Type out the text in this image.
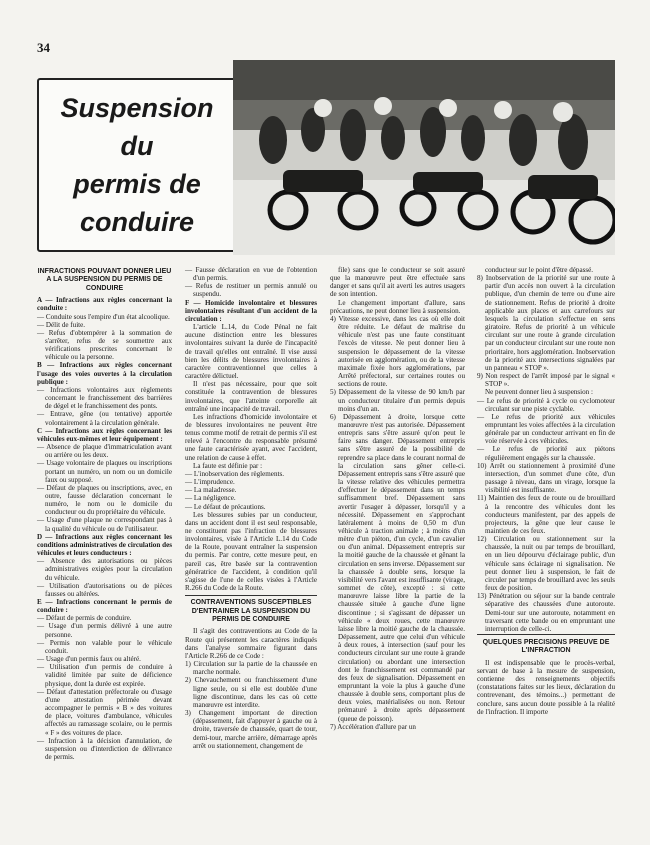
34
Suspension
du
permis de
conduire
INFRACTIONS POUVANT DONNER LIEU A LA SUSPENSION DU PERMIS DE CONDUIRE

A — Infractions aux règles concernant la conduite :

— Conduite sous l'empire d'un état alcoolique.

— Délit de fuite.

— Refus d'obtempérer à la sommation de s'arrêter, refus de se soumettre aux vérifications prescrites concernant le véhicule ou la personne.

B — Infractions aux règles concernant l'usage des voies ouvertes à la circulation publique :

— Infractions volontaires aux règlements concernant le franchissement des barrières de dégel et le franchissement des ponts.

— Entrave, gêne (ou tentative) apportée volontairement à la circulation générale.

C — Infractions aux règles concernant les véhicules eux-mêmes et leur équipement :

— Absence de plaque d'immatriculation avant ou arrière ou les deux.

— Usage volontaire de plaques ou inscriptions portant un numéro, un nom ou un domicile faux ou supposé.

— Défaut de plaques ou inscriptions, avec, en outre, fausse déclaration concernant le numéro, le nom ou le domicile du conducteur ou du propriétaire du véhicule.

— Usage d'une plaque ne correspondant pas à la qualité du véhicule ou de l'utilisateur.

D — Infractions aux règles concernant les conditions administratives de circulation des véhicules et leurs conducteurs :

— Absence des autorisations ou pièces administratives exigées pour la circulation du véhicule.

— Utilisation d'autorisations ou de pièces fausses ou altérées.

E — Infractions concernant le permis de conduire :

— Défaut de permis de conduire.

— Usage d'un permis délivré à une autre personne.

— Permis non valable pour le véhicule conduit.

— Usage d'un permis faux ou altéré.

— Utilisation d'un permis de conduire à validité limitée par suite de déficience physique, dont la durée est expirée.

— Défaut d'attestation préfectorale ou d'usage d'une attestation périmée devant accompagner le permis « B » des voitures de place, voitures d'ambulance, véhicules affectés au ramassage scolaire, ou le permis « F » des voitures de place.

— Infraction à la décision d'annulation, de suspension ou d'interdiction de délivrance de permis.

— Fausse déclaration en vue de l'obtention d'un permis.

— Refus de restituer un permis annulé ou suspendu.

F — Homicide involontaire et blessures involontaires résultant d'un accident de la circulation :

L'article L.14, du Code Pénal ne fait aucune distinction entre les blessures involontaires suivant la durée de l'incapacité de travail qu'elles ont entraîné. Il vise aussi bien les délits de blessures involontaires à caractère contraventionnel que celles à caractère délictuel.

Il n'est pas nécessaire, pour que soit constituée la contravention de blessures involontaires, que l'atteinte corporelle ait entraîné une incapacité de travail.

Les infractions d'homicide involontaire et de blessures involontaires ne peuvent être tenus comme motif de retrait de permis s'il est relevé à l'encontre du responsable présumé une faute caractérisée ayant, avec l'accident, une relation de cause à effet.

La faute est définie par :

— L'inobservation des règlements.

— L'imprudence.

— La maladresse.

— La négligence.

— Le défaut de précautions.

Les blessures subies par un conducteur, dans un accident dont il est seul responsable, ne constituent pas l'infraction de blessures involontaires, visée à l'Article L.14 du Code de la Route, pouvant entraîner la suspension du permis. Par contre, cette mesure peut, en pareil cas, être basée sur la contravention génératrice de l'accident, à condition qu'il s'agisse de l'une de celles visées à l'Article R.266 du Code de la Route.

CONTRAVENTIONS SUSCEPTIBLES D'ENTRAINER LA SUSPENSION DU PERMIS DE CONDUIRE

Il s'agit des contraventions au Code de la Route qui présentent les caractères indiqués dans l'analyse sommaire figurant dans l'Article R.266 de ce Code :

1) Circulation sur la partie de la chaussée en marche normale.

2) Chevauchement ou franchissement d'une ligne seule, ou si elle est doublée d'une ligne discontinue, dans les cas où cette manœuvre est interdite.

3) Changement important de direction (dépassement, fait d'appuyer à gauche ou à droite, traversée de chaussée, quart de tour, demi-tour, marche arrière, démarrage après arrêt ou stationnement, changement de

file) sans que le conducteur se soit assuré que la manœuvre peut être effectuée sans danger et sans qu'il ait averti les autres usagers de son intention.

Le changement important d'allure, sans précautions, ne peut donner lieu à suspension.

4) Vitesse excessive, dans les cas où elle doit être réduite. Le défaut de maîtrise du véhicule n'est pas une faute constituant l'excès de vitesse. Ne peut donner lieu à suspension le dépassement de la vitesse autorisée en agglomération, ou de la vitesse maximale fixée hors agglomérations, par Arrêté préfectoral, sur certaines routes ou sections de route.

5) Dépassement de la vitesse de 90 km/h par un conducteur titulaire d'un permis depuis moins d'un an.

6) Dépassement à droite, lorsque cette manœuvre n'est pas autorisée. Dépassement entrepris sans s'être assuré qu'on peut le faire sans danger. Dépassement entrepris sans s'être assuré de la possibilité de reprendre sa place dans le courant normal de la circulation sans gêner celle-ci. Dépassement entrepris sans s'être assuré que la vitesse relative des véhicules permettra d'effectuer le dépassement dans un temps suffisamment bref. Dépassement sans avertir l'usager à dépasser, lorsqu'il y a nécessité. Dépassement en s'approchant latéralement à moins de 0,50 m d'un véhicule à traction animale ; à moins d'un mètre d'un piéton, d'un cycle, d'un cavalier ou d'un animal. Dépassement entrepris sur la moitié gauche de la chaussée et gênant la circulation en sens inverse. Dépassement sur la chaussée à double sens, lorsque la visibilité vers l'avant est insuffisante (virage, sommet de côte), excepté : si cette manœuvre laisse libre la partie de la chaussée située à gauche d'une ligne discontinue ; si s'agissant de dépasser un véhicule « deux roues, cette manœuvre laisse libre la moitié gauche de la chaussée. Dépassement, autre que celui d'un véhicule à deux roues, à intersection (sauf pour les conducteurs circulant sur une route à grande circulation) ou abordant une intersection dont le franchissement est commandé par des feux de signalisation. Dépassement en empruntant la voie la plus à gauche d'une chaussée à double sens, comportant plus de deux voies, matérialisées ou non. Retour prématuré à droite après dépassement (queue de poisson).

7) Accélération d'allure par un

conducteur sur le point d'être dépassé.

8) Inobservation de la priorité sur une route à partir d'un accès non ouvert à la circulation publique, d'un chemin de terre ou d'une aire de stationnement. Refus de priorité à droite applicable aux places et aux carrefours sur lesquels la circulation s'effectue en sens giratoire. Refus de priorité à un véhicule circulant sur une route à grande circulation par un conducteur circulant sur une route non prioritaire, hors agglomération. Inobservation de la priorité aux intersections signalées par un panneau « STOP ».

9) Non respect de l'arrêt imposé par le signal « STOP ».

Ne peuvent donner lieu à suspension :

— Le refus de priorité à cycle ou cyclomoteur circulant sur une piste cyclable.

— Le refus de priorité aux véhicules empruntant les voies affectées à la circulation générale par un conducteur arrivant en fin de voie réservée à ces véhicules.

— Le refus de priorité aux piétons régulièrement engagés sur la chaussée.

10) Arrêt ou stationnement à proximité d'une intersection, d'un sommet d'une côte, d'un passage à niveau, dans un virage, lorsque la visibilité est insuffisante.

11) Maintien des feux de route ou de brouillard à la rencontre des véhicules dont les conducteurs manifestent, par des appels de projecteurs, la gêne que leur cause le maintien de ces feux.

12) Circulation ou stationnement sur la chaussée, la nuit ou par temps de brouillard, en un lieu dépourvu d'éclairage public, d'un véhicule sans éclairage ni signalisation. Ne peut donner lieu à suspension, le fait de circuler par temps de brouillard avec les seuls feux de position.

13) Pénétration ou séjour sur la bande centrale séparative des chaussées d'une autoroute. Demi-tour sur une autoroute, notamment en traversant cette bande ou en empruntant une interruption de celle-ci.

QUELQUES PRECISIONS PREUVE DE L'INFRACTION

Il est indispensable que le procès-verbal, servant de base à la mesure de suspension, contienne des renseignements objectifs (constatations faites sur les lieux, déclaration du contrevenant, des témoins...) permettant de conclure, sans aucun doute possible à la réalité de l'infraction. Il importe
